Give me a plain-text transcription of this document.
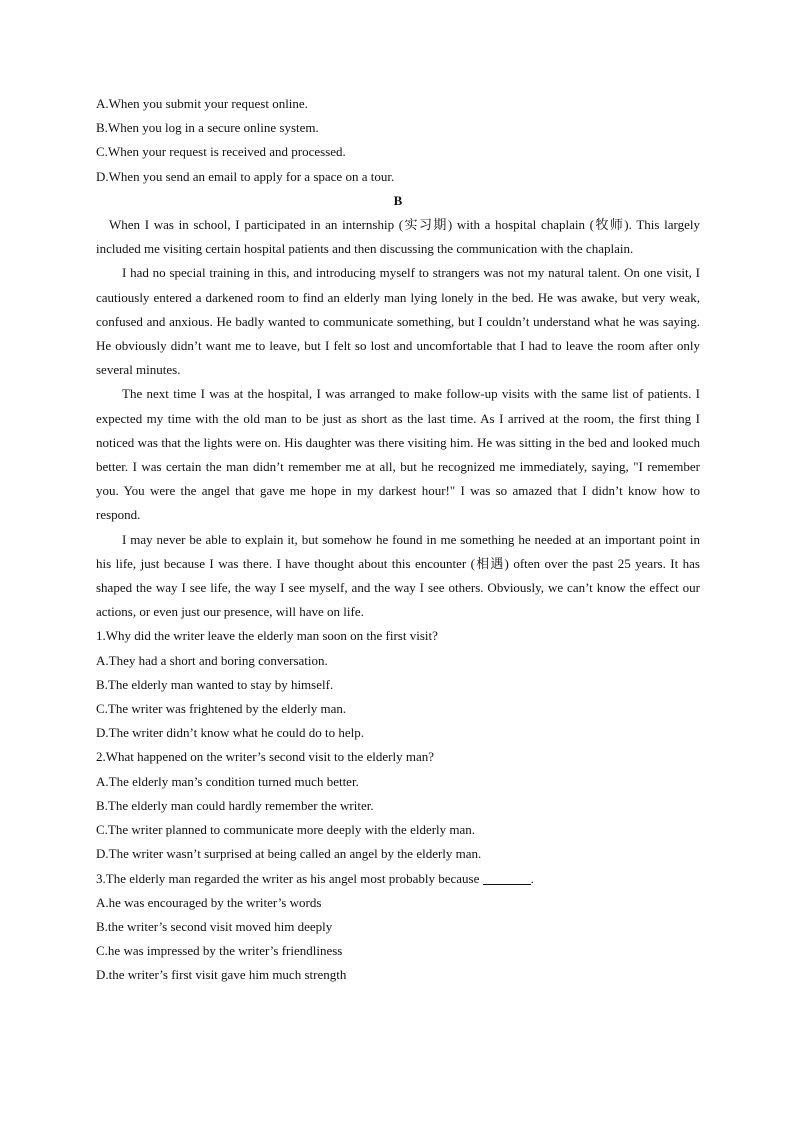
A.When you submit your request online.

B.When you log in a secure online system.

C.When your request is received and processed.

D.When you send an email to apply for a space on a tour.

B

When I was in school, I participated in an internship (实习期) with a hospital chaplain (牧师). This largely included me visiting certain hospital patients and then discussing the communication with the chaplain.

I had no special training in this, and introducing myself to strangers was not my natural talent. On one visit, I cautiously entered a darkened room to find an elderly man lying lonely in the bed. He was awake, but very weak, confused and anxious. He badly wanted to communicate something, but I couldn’t understand what he was saying. He obviously didn’t want me to leave, but I felt so lost and uncomfortable that I had to leave the room after only several minutes.

The next time I was at the hospital, I was arranged to make follow-up visits with the same list of patients. I expected my time with the old man to be just as short as the last time. As I arrived at the room, the first thing I noticed was that the lights were on. His daughter was there visiting him. He was sitting in the bed and looked much better. I was certain the man didn’t remember me at all, but he recognized me immediately, saying, "I remember you. You were the angel that gave me hope in my darkest hour!" I was so amazed that I didn’t know how to respond.

I may never be able to explain it, but somehow he found in me something he needed at an important point in his life, just because I was there. I have thought about this encounter (相遇) often over the past 25 years. It has shaped the way I see life, the way I see myself, and the way I see others. Obviously, we can’t know the effect our actions, or even just our presence, will have on life.

1.Why did the writer leave the elderly man soon on the first visit?

A.They had a short and boring conversation.

B.The elderly man wanted to stay by himself.

C.The writer was frightened by the elderly man.

D.The writer didn’t know what he could do to help.

2.What happened on the writer’s second visit to the elderly man?

A.The elderly man’s condition turned much better.

B.The elderly man could hardly remember the writer.

C.The writer planned to communicate more deeply with the elderly man.

D.The writer wasn’t surprised at being called an angel by the elderly man.

3.The elderly man regarded the writer as his angel most probably because	.

A.he was encouraged by the writer’s words

B.the writer’s second visit moved him deeply

C.he was impressed by the writer’s friendliness

D.the writer’s first visit gave him much strength
